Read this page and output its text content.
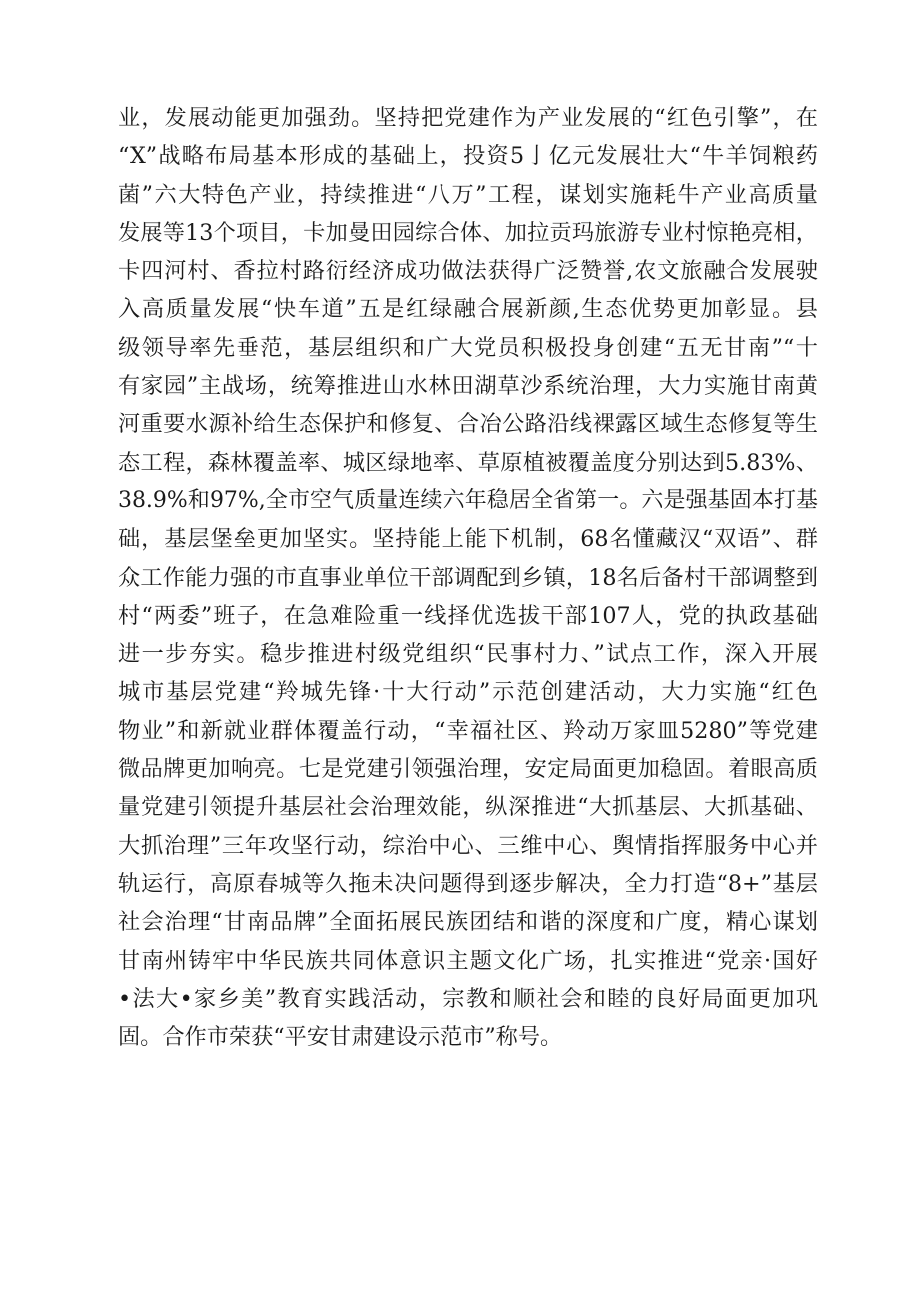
业，发展动能更加强劲。坚持把党建作为产业发展的“红色引擎”，在
“X”战略布局基本形成的基础上，投资5亅亿元发展壮大“牛羊饲粮药
菌”六大特色产业，持续推进“八万”工程，谋划实施耗牛产业高质量
发展等13个项目，卡加曼田园综合体、加拉贡玛旅游专业村惊艳亮相，
卡四河村、香拉村路衍经济成功做法获得广泛赞誉,农文旅融合发展驶
入高质量发展“快车道”五是红绿融合展新颜,生态优势更加彰显。县
级领导率先垂范，基层组织和广大党员积极投身创建“五无甘南”“十
有家园”主战场，统筹推进山水林田湖草沙系统治理，大力实施甘南黄
河重要水源补给生态保护和修复、合冶公路沿线裸露区域生态修复等生
态工程，森林覆盖率、城区绿地率、草原植被覆盖度分别达到5.83%、
38.9%和97%,全市空气质量连续六年稳居全省第一。六是强基固本打基
础，基层堡垒更加坚实。坚持能上能下机制，68名懂藏汉“双语”、群
众工作能力强的市直事业单位干部调配到乡镇，18名后备村干部调整到
村“两委”班子，在急难险重一线择优选拔干部107人，党的执政基础
进一步夯实。稳步推进村级党组织“民事村力、”试点工作，深入开展
城市基层党建“羚城先锋·十大行动”示范创建活动，大力实施“红色
物业”和新就业群体覆盖行动，“幸福社区、羚动万家皿5280”等党建
微品牌更加响亮。七是党建引领强治理，安定局面更加稳固。着眼高质
量党建引领提升基层社会治理效能，纵深推进“大抓基层、大抓基础、
大抓治理”三年攻坚行动，综治中心、三维中心、舆情指挥服务中心并
轨运行，高原春城等久拖未决问题得到逐步解决，全力打造“8+”基层
社会治理“甘南品牌”全面拓展民族团结和谐的深度和广度，精心谋划
甘南州铸牢中华民族共同体意识主题文化广场，扎实推进“党亲·国好
•法大•家乡美”教育实践活动，宗教和顺社会和睦的良好局面更加巩
固。合作市荣获“平安甘肃建设示范市”称号。
